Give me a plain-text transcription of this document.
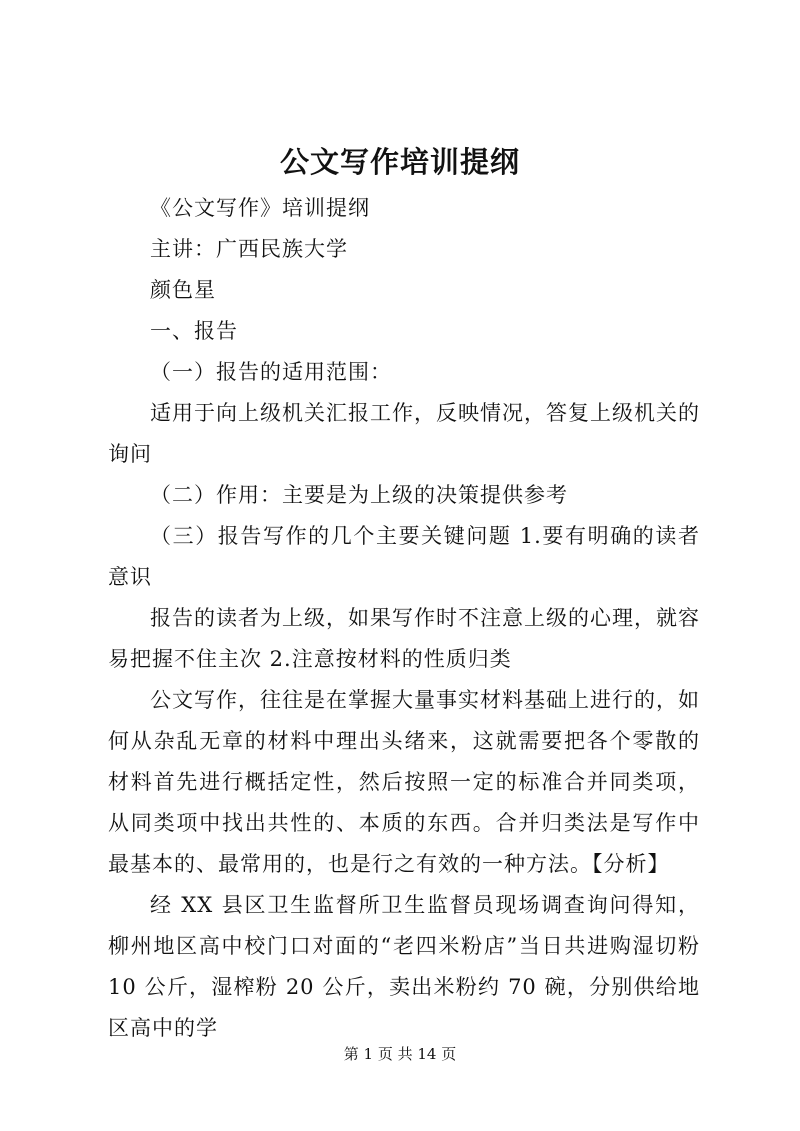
公文写作培训提纲

《公文写作》培训提纲

主讲：广西民族大学

颜色星

一、报告

（一）报告的适用范围：

适用于向上级机关汇报工作，反映情况，答复上级机关的询问

（二）作用：主要是为上级的决策提供参考

（三）报告写作的几个主要关键问题 1.要有明确的读者意识

报告的读者为上级，如果写作时不注意上级的心理，就容易把握不住主次 2.注意按材料的性质归类

公文写作，往往是在掌握大量事实材料基础上进行的，如何从杂乱无章的材料中理出头绪来，这就需要把各个零散的材料首先进行概括定性，然后按照一定的标准合并同类项，从同类项中找出共性的、本质的东西。合并归类法是写作中最基本的、最常用的，也是行之有效的一种方法。【分析】

经 XX 县区卫生监督所卫生监督员现场调查询问得知，柳州地区高中校门口对面的“老四米粉店”当日共进购湿切粉 10 公斤，湿榨粉 20 公斤，卖出米粉约 70 碗，分别供给地区高中的学

第 1 页 共 14 页
